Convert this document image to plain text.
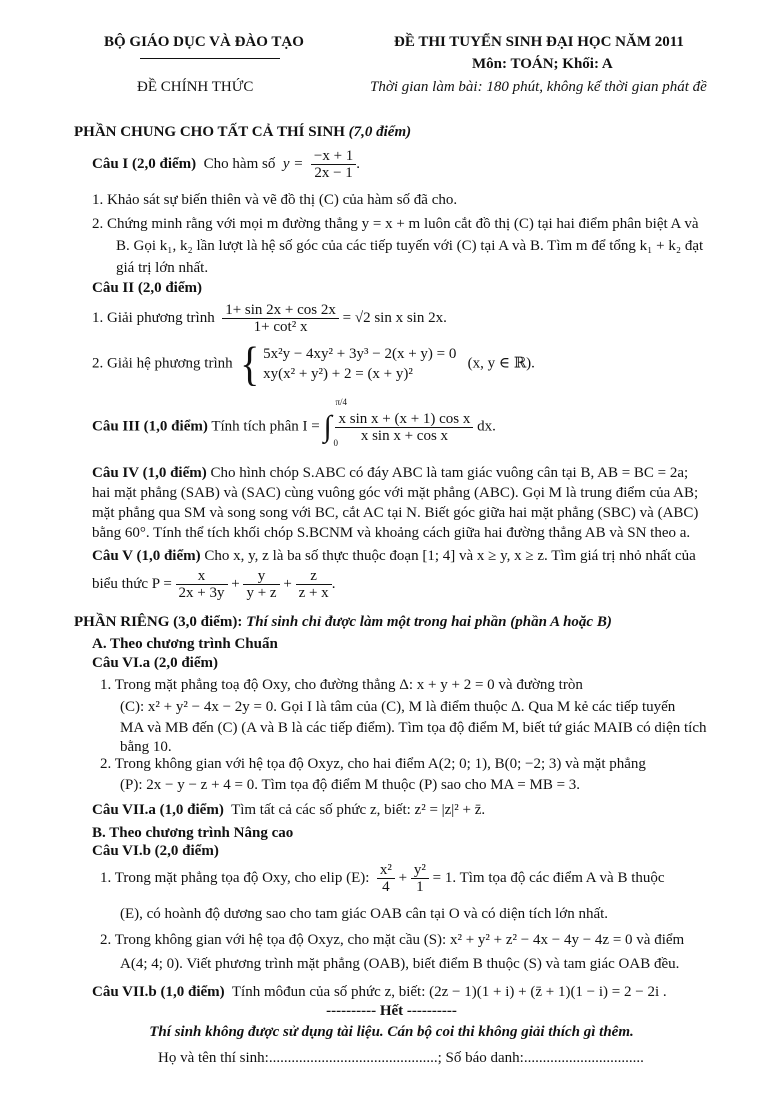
BỘ GIÁO DỤC VÀ ĐÀO TẠO
ĐỀ CHÍNH THỨC
ĐỀ THI TUYỂN SINH ĐẠI HỌC NĂM 2011
Môn: TOÁN; Khối: A
Thời gian làm bài: 180 phút, không kể thời gian phát đề
PHẦN CHUNG CHO TẤT CẢ THÍ SINH (7,0 điểm)
Câu I (2,0 điểm) Cho hàm số  $y = \frac{-x + 1}{2x - 1}$ .
1. Khảo sát sự biến thiên và vẽ đồ thị (C) của hàm số đã cho.
2. Chứng minh rằng với mọi m đường thẳng y = x + m luôn cắt đồ thị (C) tại hai điểm phân biệt A và
B. Gọi k₁, k₂ lần lượt là hệ số góc của các tiếp tuyến với (C) tại A và B. Tìm m để tổng k₁ + k₂ đạt
giá trị lớn nhất.
Câu II (2,0 điểm)
1. Giải phương trình $\frac{1+ \sin 2x + \cos 2x}{\text{1+ cot² x}} = √2$ sin x sin 2x.
2. Giải hệ phương trình { 5x²y − 4xy² + 3y³ − 2(x + y) = 0
xy(x² + y²) + 2 = (x + y)²
(x, y ∈ ℝ).
Câu III (1,0 điểm) Tính tích phân I = ∫
π/4
0

$\frac{\text{x sin x + (x + 1) cos x}}{\text{x sin x + cos x}}$ dx.
Câu IV (1,0 điểm) Cho hình chóp S.ABC có đáy ABC là tam giác vuông cân tại B, AB = BC = 2a;
hai mặt phẳng (SAB) và (SAC) cùng vuông góc với mặt phẳng (ABC). Gọi M là trung điểm của AB;
mặt phẳng qua SM và song song với BC, cắt AC tại N. Biết góc giữa hai mặt phẳng (SBC) và (ABC)
bằng 60°. Tính thể tích khối chóp S.BCNM và khoảng cách giữa hai đường thẳng AB và SN theo a.
Câu V (1,0 điểm) Cho x, y, z là ba số thực thuộc đoạn [1; 4] và x ≥ y, x ≥ z. Tìm giá trị nhỏ nhất của
biểu thức $P = \frac{x}{2x + 3y} + \frac{y}{y + z} + \frac{z}{z + x}$ .
PHẦN RIÊNG (3,0 điểm): Thí sinh chỉ được làm một trong hai phần (phần A hoặc B)
A. Theo chương trình Chuẩn
Câu VI.a (2,0 điểm)
1. Trong mặt phẳng toạ độ Oxy, cho đường thẳng Δ: x + y + 2 = 0 và đường tròn
(C): x² + y² − 4x − 2y = 0. Gọi I là tâm của (C), M là điểm thuộc Δ. Qua M kẻ các tiếp tuyến
MA và MB đến (C) (A và B là các tiếp điểm). Tìm tọa độ điểm M, biết tứ giác MAIB có diện tích
bằng 10.
2. Trong không gian với hệ tọa độ Oxyz, cho hai điểm A(2; 0; 1), B(0; −2; 3) và mặt phẳng
(P): 2x − y − z + 4 = 0. Tìm tọa độ điểm M thuộc (P) sao cho MA = MB = 3.
Câu VII.a (1,0 điểm) Tìm tất cả các số phức z, biết: z² = |z|² + z̄.
B. Theo chương trình Nâng cao
Câu VI.b (2,0 điểm)
1. Trong mặt phẳng tọa độ Oxy, cho elip (E): $\frac{\text{x²}}{4} + \frac{\text{y²}}{1} = 1$. Tìm tọa độ các điểm A và B thuộc
(E), có hoành độ dương sao cho tam giác OAB cân tại O và có diện tích lớn nhất.
2. Trong không gian với hệ tọa độ Oxyz, cho mặt cầu (S): x² + y² + z² − 4x − 4y − 4z = 0 và điểm
A(4; 4; 0). Viết phương trình mặt phẳng (OAB), biết điểm B thuộc (S) và tam giác OAB đều.
Câu VII.b (1,0 điểm) Tính môđun của số phức z, biết: (2z − 1)(1 + i) + (z̄ + 1)(1 − i) = 2 − 2i .
---------- Hết ----------
Thí sinh không được sử dụng tài liệu. Cán bộ coi thi không giải thích gì thêm.
Họ và tên thí sinh:.............................................; Số báo danh:................................
